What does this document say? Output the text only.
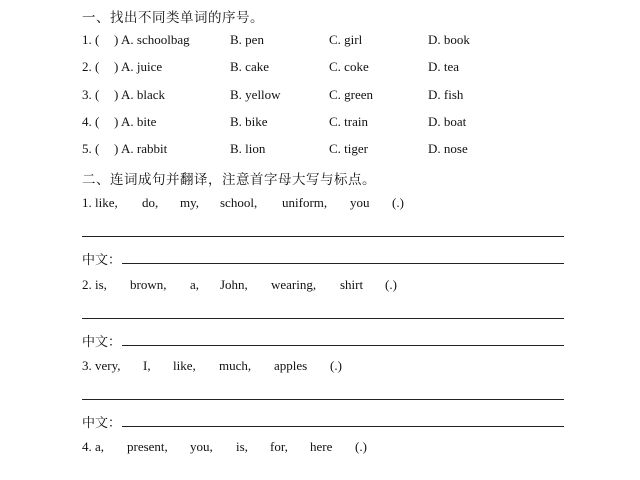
一、找出不同类单词的序号。
1. ( ) A. schoolbag	B. pen	C. girl	D. book
2. ( ) A. juice	B. cake	C. coke	D. tea
3. ( ) A. black	B. yellow	C. green	D. fish
4. ( ) A. bite	B. bike	C. train	D. boat
5. ( ) A. rabbit	B. lion	C. tiger	D. nose
二、连词成句并翻译，注意首字母大写与标点。
1. like, do, my, school, uniform, you (.)
中文：
2. is, brown, a, John, wearing, shirt (.)
中文：
3. very, I, like, much, apples (.)
中文：
4. a, present, you, is, for, here (.)
